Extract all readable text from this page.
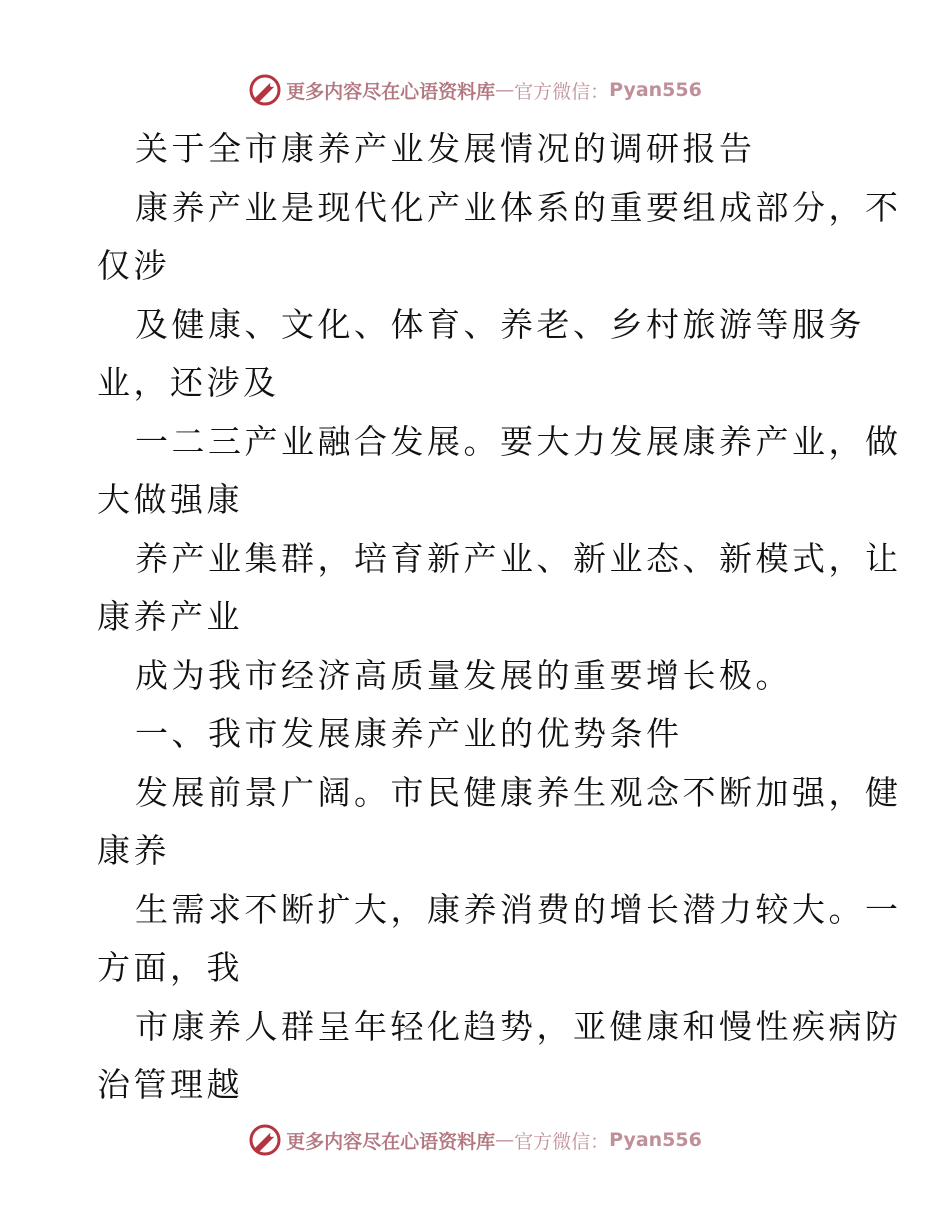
更多内容尽在心语资料库 — 官方微信： Pyan556
关于全市康养产业发展情况的调研报告
康养产业是现代化产业体系的重要组成部分，不
仅涉
及健康、文化、体育、养老、乡村旅游等服务
业，还涉及
一二三产业融合发展。要大力发展康养产业，做
大做强康
养产业集群，培育新产业、新业态、新模式，让
康养产业
成为我市经济高质量发展的重要增长极。
一、我市发展康养产业的优势条件
发展前景广阔。市民健康养生观念不断加强，健
康养
生需求不断扩大，康养消费的增长潜力较大。一
方面，我
市康养人群呈年轻化趋势，亚健康和慢性疾病防
治管理越
更多内容尽在心语资料库 — 官方微信： Pyan556
